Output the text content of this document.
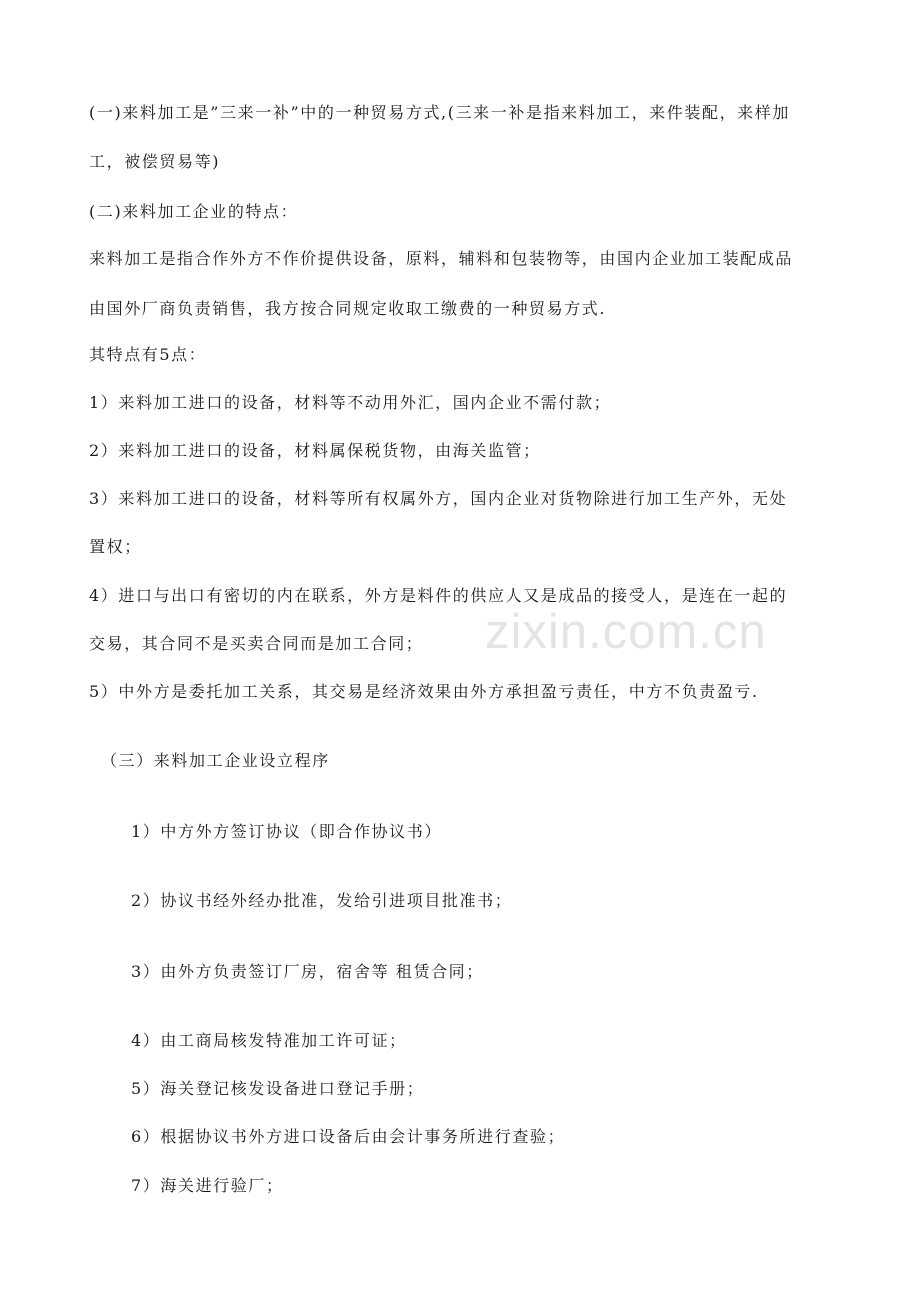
zixin.com.cn
(一)来料加工是”三来一补”中的一种贸易方式,(三来一补是指来料加工，来件装配，来样加
工，被偿贸易等)
(二)来料加工企业的特点：
来料加工是指合作外方不作价提供设备，原料，辅料和包装物等，由国内企业加工装配成品
由国外厂商负责销售，我方按合同规定收取工缴费的一种贸易方式.
其特点有5点：
1）来料加工进口的设备，材料等不动用外汇，国内企业不需付款；
2）来料加工进口的设备，材料属保税货物，由海关监管；
3）来料加工进口的设备，材料等所有权属外方，国内企业对货物除进行加工生产外，无处
置权；
4）进口与出口有密切的内在联系，外方是料件的供应人又是成品的接受人，是连在一起的
交易，其合同不是买卖合同而是加工合同；
5）中外方是委托加工关系，其交易是经济效果由外方承担盈亏责任，中方不负责盈亏.
（三）来料加工企业设立程序
1）中方外方签订协议（即合作协议书）
2）协议书经外经办批准，发给引进项目批准书；
3）由外方负责签订厂房，宿舍等 租赁合同；
4）由工商局核发特准加工许可证；
5）海关登记核发设备进口登记手册；
6）根据协议书外方进口设备后由会计事务所进行查验；
7）海关进行验厂；
